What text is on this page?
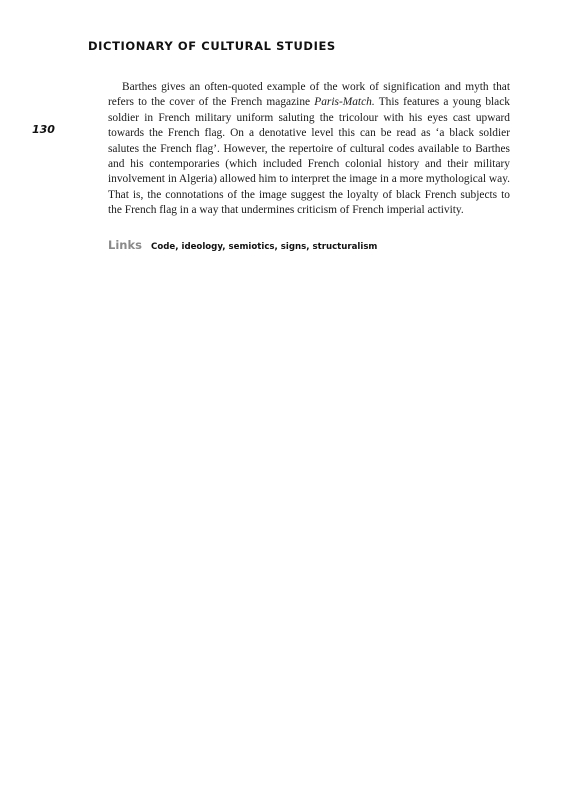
DICTIONARY OF CULTURAL STUDIES
130

Barthes gives an often-quoted example of the work of signification and myth that refers to the cover of the French magazine Paris-Match. This features a young black soldier in French military uniform saluting the tricolour with his eyes cast upward towards the French flag. On a denotative level this can be read as ‘a black soldier salutes the French flag’. However, the repertoire of cultural codes available to Barthes and his contemporaries (which included French colonial history and their military involvement in Algeria) allowed him to interpret the image in a more mythological way. That is, the connotations of the image suggest the loyalty of black French subjects to the French flag in a way that undermines criticism of French imperial activity.

Links Code, ideology, semiotics, signs, structuralism
